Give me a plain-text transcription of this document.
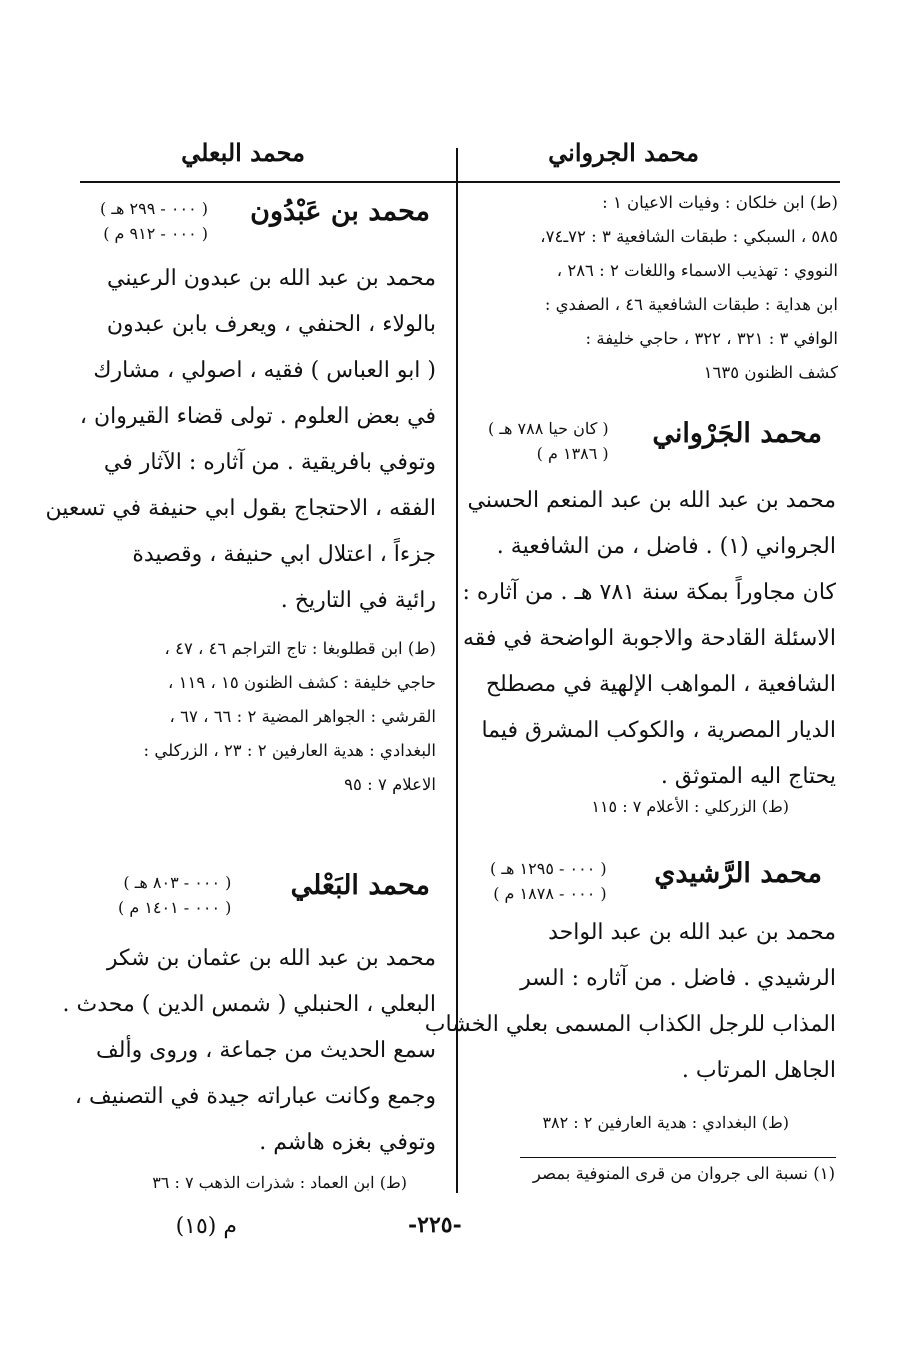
محمد الجرواني
محمد البعلي
(ط) ابن خلكان : وفيات الاعيان ١ :
٥٨٥ ، السبكي : طبقات الشافعية ٣ : ٧٢ـ٧٤،
النووي : تهذيب الاسماء واللغات ٢ : ٢٨٦ ،
ابن هداية : طبقات الشافعية ٤٦ ، الصفدي :
الوافي ٣ : ٣٢١ ، ٣٢٢ ، حاجي خليفة :
كشف الظنون ١٦٣٥
محمد الجَرْواني
( كان حيا ٧٨٨ هـ )
( ١٣٨٦ م )
محمد بن عبد الله بن عبد المنعم الحسني
الجرواني (١) . فاضل ، من الشافعية .
كان مجاوراً بمكة سنة ٧٨١ هـ . من آثاره :
الاسئلة القادحة والاجوبة الواضحة في فقه
الشافعية ، المواهب الإلهية في مصطلح
الديار المصرية ، والكوكب المشرق فيما
يحتاج اليه المتوثق .
(ط) الزركلي : الأعلام ٧ : ١١٥
محمد الرَّشيدي
( ٠٠٠ - ١٢٩٥ هـ )
( ٠٠٠ - ١٨٧٨ م )
محمد بن عبد الله بن عبد الواحد
الرشيدي . فاضل . من آثاره : السر
المذاب للرجل الكذاب المسمى بعلي الخشاب
الجاهل المرتاب .
(ط) البغدادي : هدية العارفين ٢ : ٣٨٢
(١) نسبة الى جروان من قرى المنوفية بمصر
محمد بن عَبْدُون
( ٠٠٠ - ٢٩٩ هـ )
( ٠٠٠ - ٩١٢ م )
محمد بن عبد الله بن عبدون الرعيني
بالولاء ، الحنفي ، ويعرف بابن عبدون
( ابو العباس ) فقيه ، اصولي ، مشارك
في بعض العلوم . تولى قضاء القيروان ،
وتوفي بافريقية . من آثاره : الآثار في
الفقه ، الاحتجاج بقول ابي حنيفة في تسعين
جزءاً ، اعتلال ابي حنيفة ، وقصيدة
رائية في التاريخ .
(ط) ابن قطلوبغا : تاج التراجم ٤٦ ، ٤٧ ،
حاجي خليفة : كشف الظنون ١٥ ، ١١٩ ،
القرشي : الجواهر المضية ٢ : ٦٦ ، ٦٧ ،
البغدادي : هدية العارفين ٢ : ٢٣ ، الزركلي :
الاعلام ٧ : ٩٥
محمد البَعْلي
( ٠٠٠ - ٨٠٣ هـ )
( ٠٠٠ - ١٤٠١ م )
محمد بن عبد الله بن عثمان بن شكر
البعلي ، الحنبلي ( شمس الدين ) محدث .
سمع الحديث من جماعة ، وروى وألف
وجمع وكانت عباراته جيدة في التصنيف ،
وتوفي بغزه هاشم .
(ط) ابن العماد : شذرات الذهب ٧ : ٣٦
-٢٢٥-
م (١٥)
